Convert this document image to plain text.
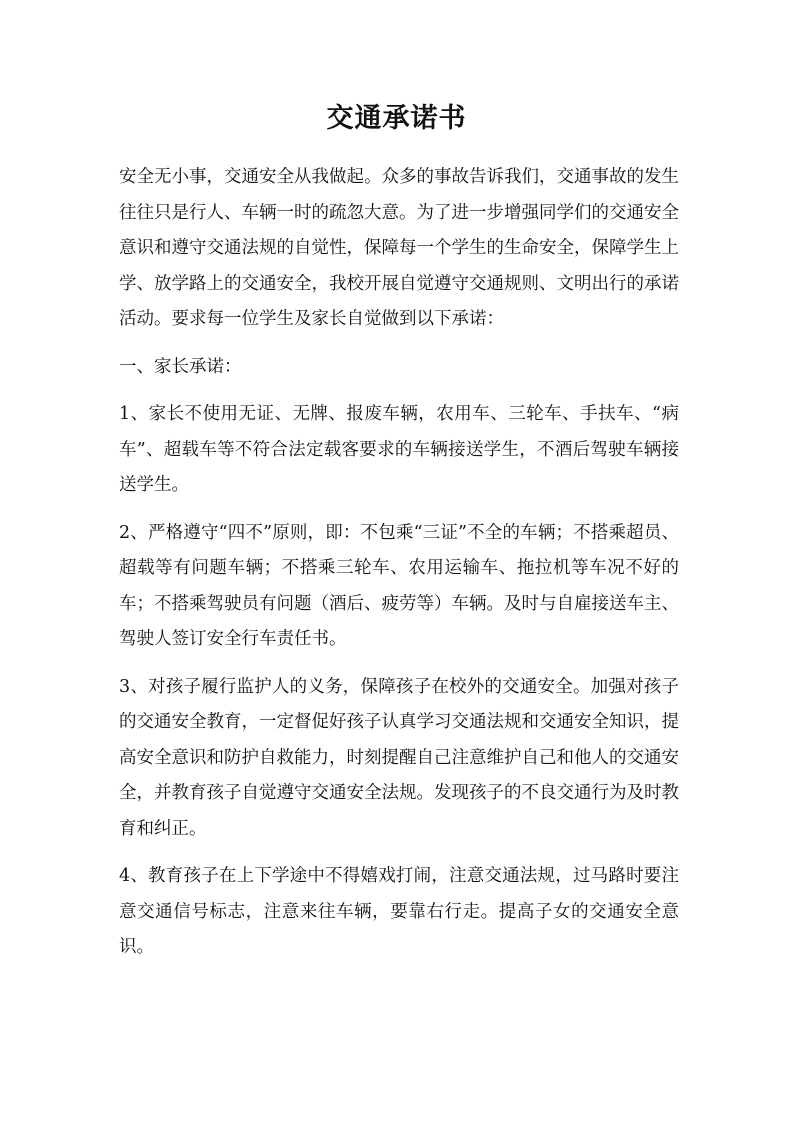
交通承诺书

安全无小事，交通安全从我做起。众多的事故告诉我们，交通事故的发生往往只是行人、车辆一时的疏忽大意。为了进一步增强同学们的交通安全意识和遵守交通法规的自觉性，保障每一个学生的生命安全，保障学生上学、放学路上的交通安全，我校开展自觉遵守交通规则、文明出行的承诺活动。要求每一位学生及家长自觉做到以下承诺：

一、家长承诺：

1、家长不使用无证、无牌、报废车辆，农用车、三轮车、手扶车、“病车”、超载车等不符合法定载客要求的车辆接送学生，不酒后驾驶车辆接送学生。

2、严格遵守“四不”原则，即：不包乘“三证”不全的车辆；不搭乘超员、超载等有问题车辆；不搭乘三轮车、农用运输车、拖拉机等车况不好的车；不搭乘驾驶员有问题（酒后、疲劳等）车辆。及时与自雇接送车主、驾驶人签订安全行车责任书。

3、对孩子履行监护人的义务，保障孩子在校外的交通安全。加强对孩子的交通安全教育，一定督促好孩子认真学习交通法规和交通安全知识，提高安全意识和防护自救能力，时刻提醒自己注意维护自己和他人的交通安全，并教育孩子自觉遵守交通安全法规。发现孩子的不良交通行为及时教育和纠正。

4、教育孩子在上下学途中不得嬉戏打闹，注意交通法规，过马路时要注意交通信号标志，注意来往车辆，要靠右行走。提高子女的交通安全意识。
